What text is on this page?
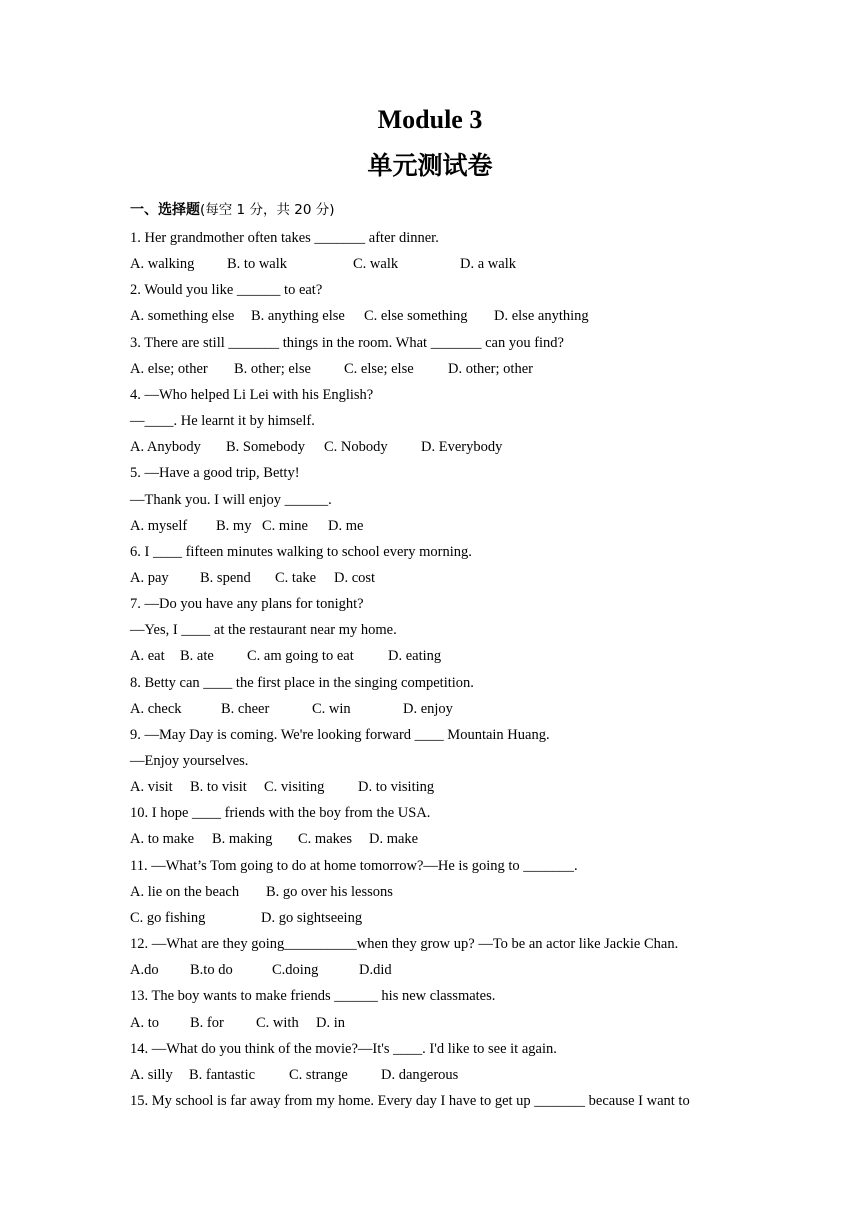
Module 3
单元测试卷
一、选择题(每空 1 分，共 20 分)
1. Her grandmother often takes _______ after dinner.
A. walking B. to walk	C. walk	D. a walk
2. Would you like ______ to eat?
A. something else B. anything else C. else something D. else anything
3. There are still _______ things in the room. What _______ can you find?
A. else; other B. other; else C. else; else D. other; other
4. —Who helped Li Lei with his English?
—____. He learnt it by himself.
A. Anybody B. Somebody C. Nobody D. Everybody
5. —Have a good trip, Betty!
—Thank you. I will enjoy ______.
A. myself B. my C. mine D. me
6. I ____ fifteen minutes walking to school every morning.
A. pay B. spend C. take D. cost
7. —Do you have any plans for tonight?
—Yes, I ____ at the restaurant near my home.
A. eat B. ate C. am going to eat D. eating
8. Betty can ____ the first place in the singing competition.
A. check	B. cheer	C. win	D. enjoy
9. —May Day is coming. We're looking forward ____ Mountain Huang.
—Enjoy yourselves.
A. visit B. to visit C. visiting D. to visiting
10. I hope ____ friends with the boy from the USA.
A. to make B. making C. makes D. make
11. —What’s Tom going to do at home tomorrow?—He is going to _______.
A. lie on the beach B. go over his lessons
C. go fishing	D. go sightseeing
12. —What are they going__________when they grow up? —To be an actor like Jackie Chan.
A.do B.to do	C.doing	D.did
13. The boy wants to make friends ______ his new classmates.
A. to B. for C. with D. in
14. —What do you think of the movie?—It's ____. I'd like to see it again.
A. silly B. fantastic C. strange D. dangerous
15. My school is far away from my home. Every day I have to get up _______ because I want to
